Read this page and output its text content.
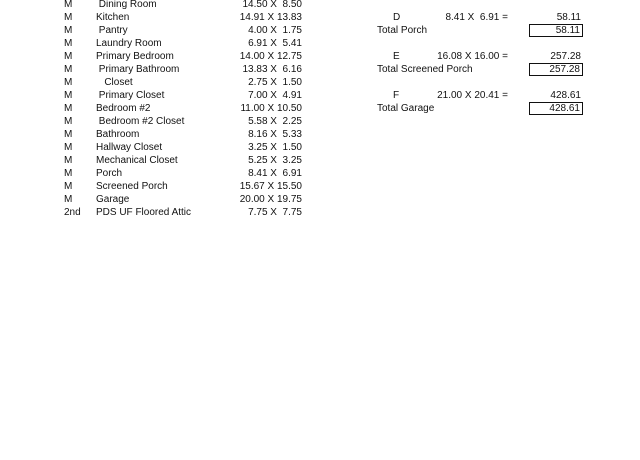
M	Dining Room	14.50 X  8.50
M	Kitchen	14.91 X 13.83
M	Pantry	4.00 X  1.75
M	Laundry Room	6.91 X  5.41
M	Primary Bedroom	14.00 X 12.75
M	Primary Bathroom	13.83 X  6.16
M	Closet	2.75 X  1.50
M	Primary Closet	7.00 X  4.91
M	Bedroom #2	11.00 X 10.50
M	Bedroom #2 Closet	5.58 X  2.25
M	Bathroom	8.16 X  5.33
M	Hallway Closet	3.25 X  1.50
M	Mechanical Closet	5.25 X  3.25
M	Porch	8.41 X  6.91
M	Screened Porch	15.67 X 15.50
M	Garage	20.00 X 19.75
2nd	PDS UF Floored Attic	7.75 X  7.75
D	8.41 X  6.91 =	58.11
Total Porch	58.11
E	16.08 X 16.00 =	257.28
Total Screened Porch	257.28
F	21.00 X 20.41 =	428.61
Total Garage	428.61
